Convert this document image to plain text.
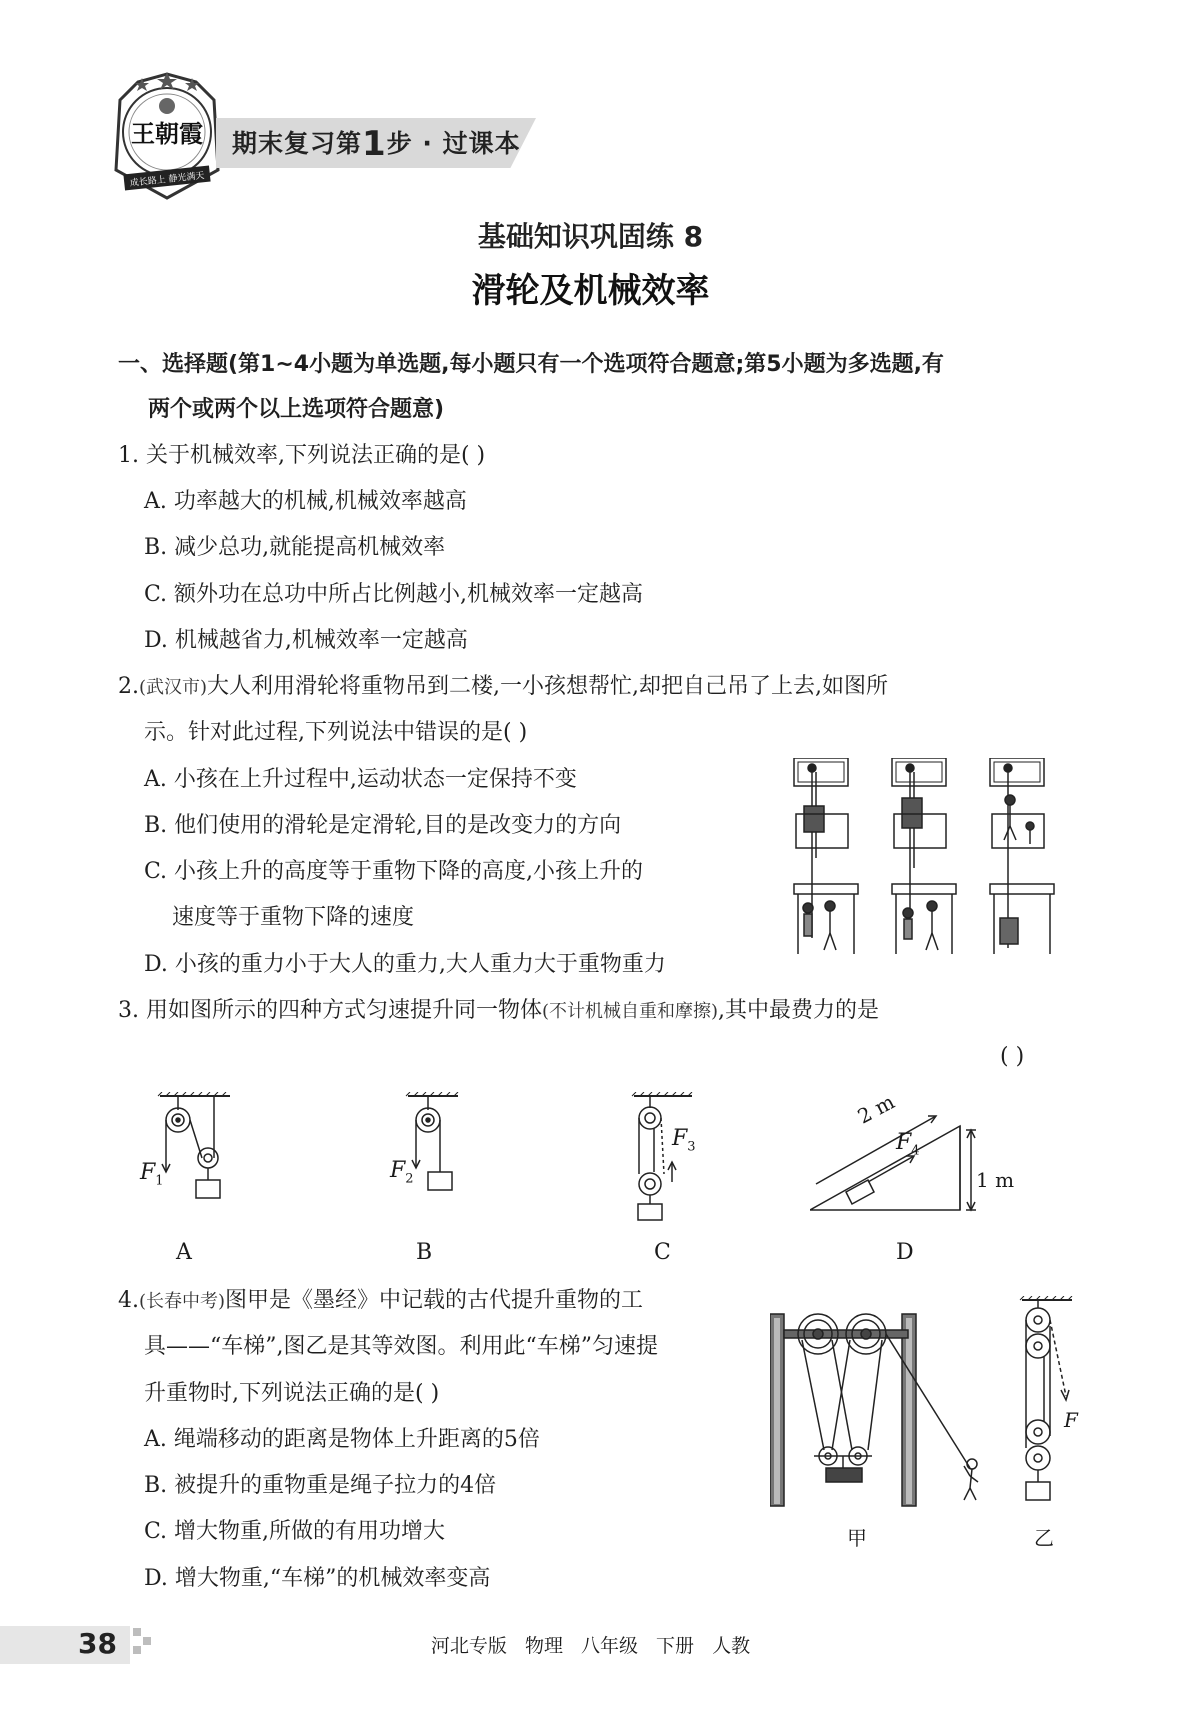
王朝霞
成长路上 静光满天
期末复习第1步 · 过课本
基础知识巩固练 8
滑轮及机械效率
一、选择题(第1~4小题为单选题,每小题只有一个选项符合题意;第5小题为多选题,有
两个或两个以上选项符合题意)
1. 关于机械效率,下列说法正确的是( )
A. 功率越大的机械,机械效率越高
B. 减少总功,就能提高机械效率
C. 额外功在总功中所占比例越小,机械效率一定越高
D. 机械越省力,机械效率一定越高
2.(武汉市)大人利用滑轮将重物吊到二楼,一小孩想帮忙,却把自己吊了上去,如图所
示。针对此过程,下列说法中错误的是( )
A. 小孩在上升过程中,运动状态一定保持不变
B. 他们使用的滑轮是定滑轮,目的是改变力的方向
C. 小孩上升的高度等于重物下降的高度,小孩上升的
速度等于重物下降的速度
D. 小孩的重力小于大人的重力,大人重力大于重物重力
3. 用如图所示的四种方式匀速提升同一物体(不计机械自重和摩擦),其中最费力的是
( )
$F_1$	$F_2$
$F_3$
2 m
$F_4$
1 m
A	B	C	D
4.(长春中考)图甲是《墨经》中记载的古代提升重物的工
具——“车梯”,图乙是其等效图。利用此“车梯”匀速提
升重物时,下列说法正确的是( )
A. 绳端移动的距离是物体上升距离的5倍
B. 被提升的重物重是绳子拉力的4倍
C. 增大物重,所做的有用功增大
D. 增大物重,“车梯”的机械效率变高
F
甲	乙
38	河北专版 物理 八年级 下册 人教
